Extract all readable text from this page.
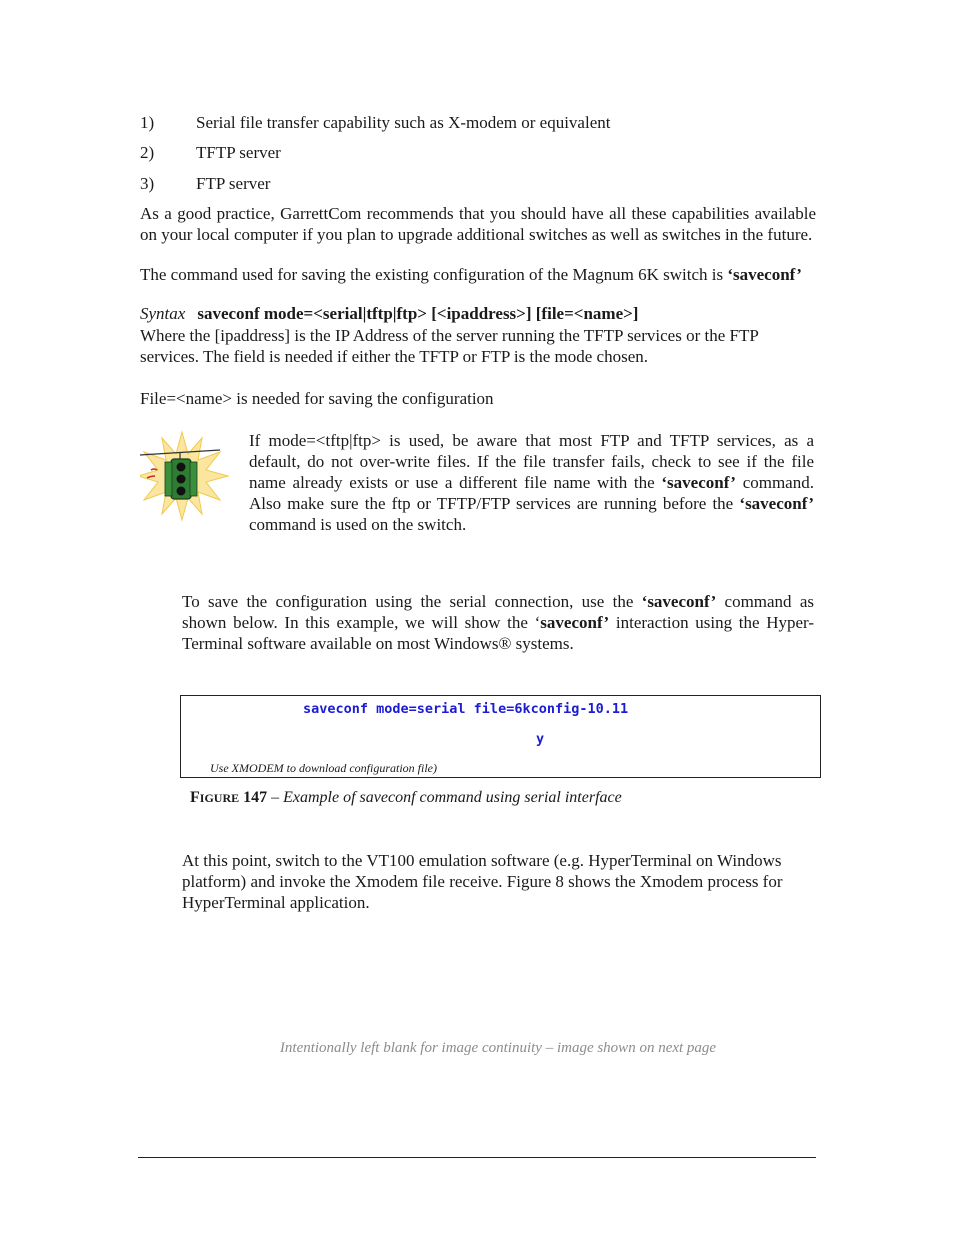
1) Serial file transfer capability such as X-modem or equivalent
2) TFTP server
3) FTP server
As a good practice, GarrettCom recommends that you should have all these capabilities available on your local computer if you plan to upgrade additional switches as well as switches in the future.
The command used for saving the existing configuration of the Magnum 6K switch is ‘saveconf’
Syntax saveconf mode=<serial|tftp|ftp> [<ipaddress>] [file=<name>]
Where the [ipaddress] is the IP Address of the server running the TFTP services or the FTP services. The field is needed if either the TFTP or FTP is the mode chosen.
File=<name> is needed for saving the configuration
If mode=<tftp|ftp> is used, be aware that most FTP and TFTP services, as a default, do not over-write files. If the file transfer fails, check to see if the file name already exists or use a different file name with the ‘saveconf’ command. Also make sure the ftp or TFTP/FTP services are running before the ‘saveconf’ command is used on the switch.
To save the configuration using the serial connection, use the ‘saveconf’ command as shown below. In this example, we will show the ‘saveconf’ interaction using the Hyper-Terminal software available on most Windows® systems.
saveconf mode=serial file=6kconfig-10.11
y
Use XMODEM to download configuration file)
FIGURE 147 – Example of saveconf command using serial interface
At this point, switch to the VT100 emulation software (e.g. HyperTerminal on Windows platform) and invoke the Xmodem file receive. Figure 8 shows the Xmodem process for HyperTerminal application.
Intentionally left blank for image continuity – image shown on next page
